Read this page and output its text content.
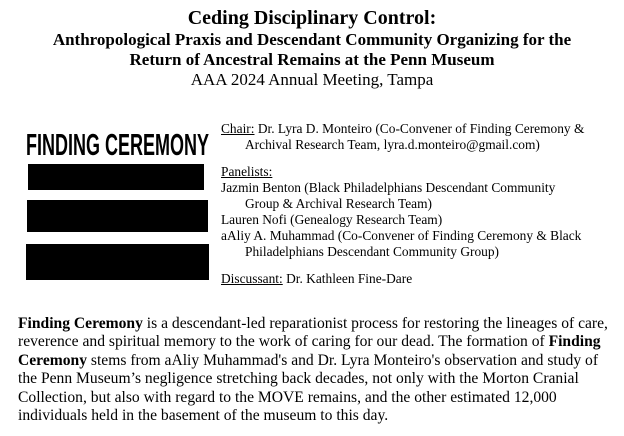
Ceding Disciplinary Control:

Anthropological Praxis and Descendant Community Organizing for the

Return of Ancestral Remains at the Penn Museum

AAA 2024 Annual Meeting, Tampa

FINDING CEREMONY Chair: Dr. Lyra D. Monteiro (Co-Convener of Finding Ceremony &

Archival Research Team, lyra.d.monteiro@gmail.com)

Panelists:

Jazmin Benton (Black Philadelphians Descendant Community

Group & Archival Research Team)

Lauren Nofi (Genealogy Research Team)

aAliy A. Muhammad (Co-Convener of Finding Ceremony & Black

Philadelphians Descendant Community Group)

Discussant: Dr. Kathleen Fine-Dare

Finding Ceremony is a descendant-led reparationist process for restoring the lineages of care, reverence and spiritual memory to the work of caring for our dead. The formation of Finding Ceremony stems from aAliy Muhammad's and Dr. Lyra Monteiro's observation and study of the Penn Museum’s negligence stretching back decades, not only with the Morton Cranial Collection, but also with regard to the MOVE remains, and the other estimated 12,000 individuals held in the basement of the museum to this day.
